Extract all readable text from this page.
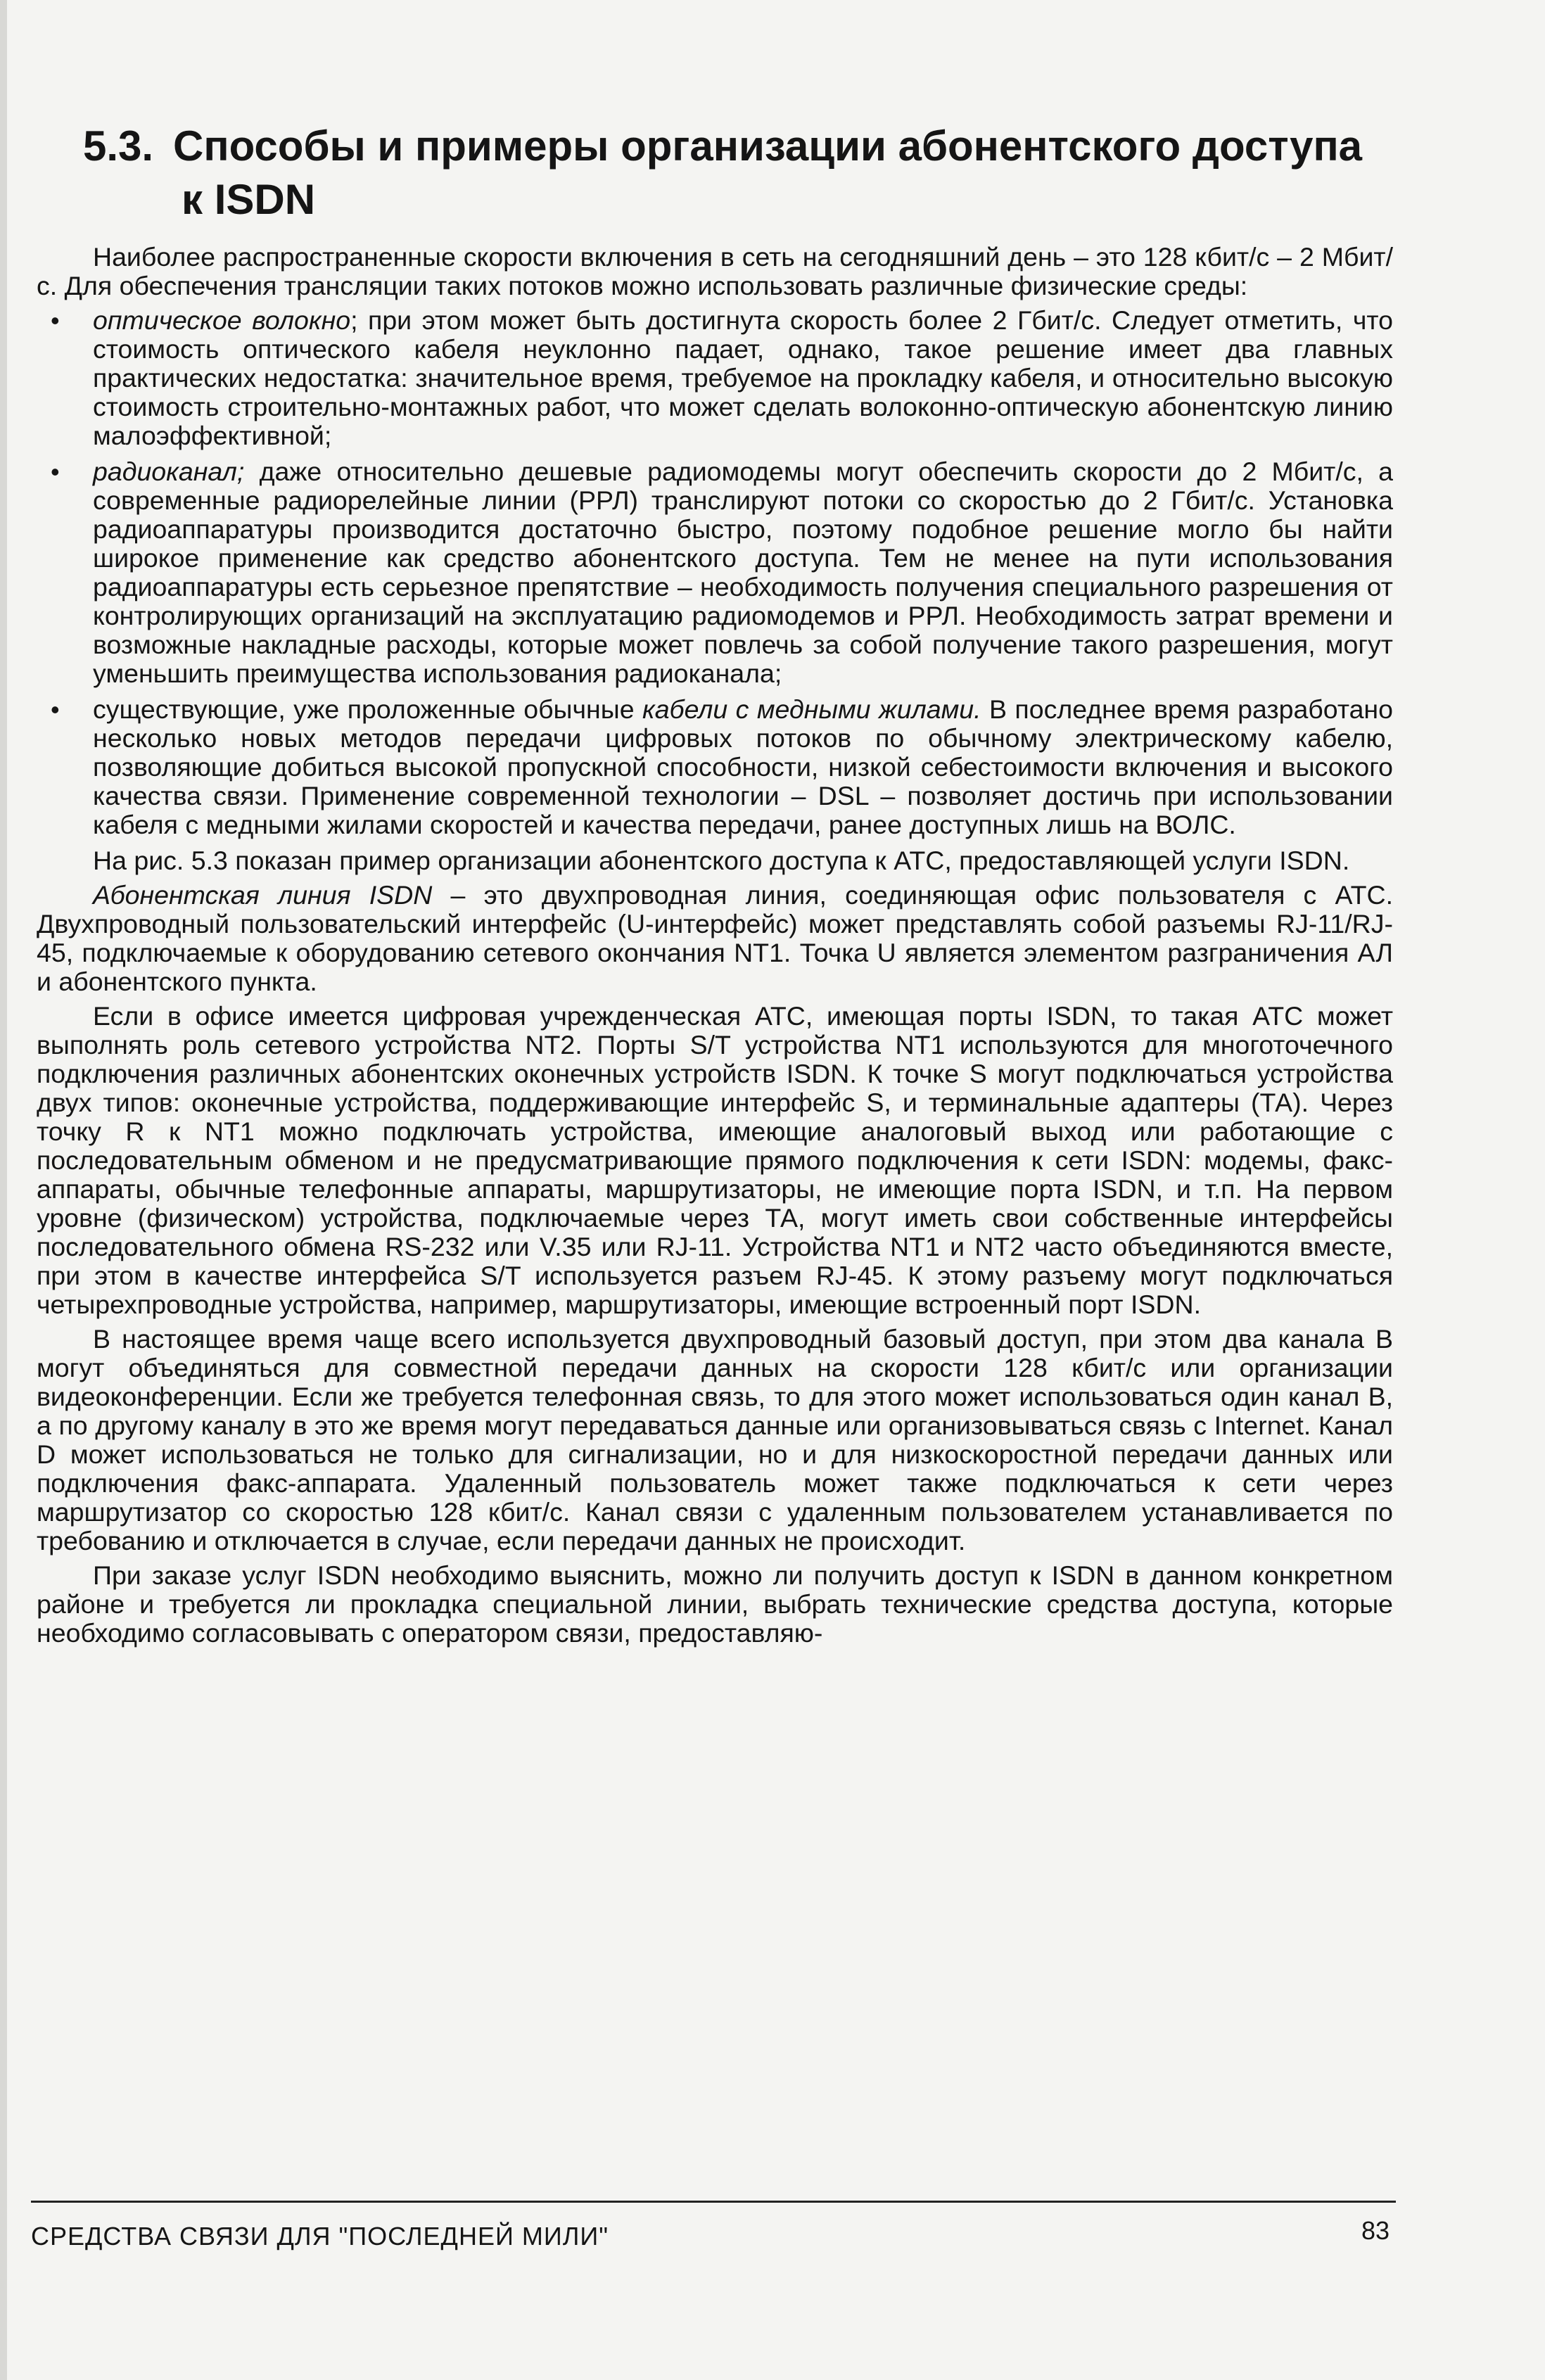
5.3. Способы и примеры организации абонентского доступа
к ISDN

Наиболее распространенные скорости включения в сеть на сегодняшний день – это 128 кбит/с – 2 Мбит/с. Для обеспечения трансляции таких потоков можно использовать различные физические среды:

• оптическое волокно; при этом может быть достигнута скорость более 2 Гбит/с. Следует отметить, что стоимость оптического кабеля неуклонно падает, однако, такое решение имеет два главных практических недостатка: значительное время, требуемое на прокладку кабеля, и относительно высокую стоимость строительно-монтажных работ, что может сделать волоконно-оптическую абонентскую линию малоэффективной;
• радиоканал; даже относительно дешевые радиомодемы могут обеспечить скорости до 2 Мбит/с, а современные радиорелейные линии (РРЛ) транслируют потоки со скоростью до 2 Гбит/с. Установка радиоаппаратуры производится достаточно быстро, поэтому подобное решение могло бы найти широкое применение как средство абонентского доступа. Тем не менее на пути использования радиоаппаратуры есть серьезное препятствие – необходимость получения специального разрешения от контролирующих организаций на эксплуатацию радиомодемов и РРЛ. Необходимость затрат времени и возможные накладные расходы, которые может повлечь за собой получение такого разрешения, могут уменьшить преимущества использования радиоканала;
• существующие, уже проложенные обычные кабели с медными жилами. В последнее время разработано несколько новых методов передачи цифровых потоков по обычному электрическому кабелю, позволяющие добиться высокой пропускной способности, низкой себестоимости включения и высокого качества связи. Применение современной технологии – DSL – позволяет достичь при использовании кабеля с медными жилами скоростей и качества передачи, ранее доступных лишь на ВОЛС.

На рис. 5.3 показан пример организации абонентского доступа к АТС, предоставляющей услуги ISDN.

Абонентская линия ISDN – это двухпроводная линия, соединяющая офис пользователя с АТС. Двухпроводный пользовательский интерфейс (U-интерфейс) может представлять собой разъемы RJ-11/RJ-45, подключаемые к оборудованию сетевого окончания NT1. Точка U является элементом разграничения АЛ и абонентского пункта.

Если в офисе имеется цифровая учрежденческая АТС, имеющая порты ISDN, то такая АТС может выполнять роль сетевого устройства NT2. Порты S/T устройства NT1 используются для многоточечного подключения различных абонентских оконечных устройств ISDN. К точке S могут подключаться устройства двух типов: оконечные устройства, поддерживающие интерфейс S, и терминальные адаптеры (ТА). Через точку R к NT1 можно подключать устройства, имеющие аналоговый выход или работающие с последовательным обменом и не предусматривающие прямого подключения к сети ISDN: модемы, факс-аппараты, обычные телефонные аппараты, маршрутизаторы, не имеющие порта ISDN, и т.п. На первом уровне (физическом) устройства, подключаемые через ТА, могут иметь свои собственные интерфейсы последовательного обмена RS-232 или V.35 или RJ-11. Устройства NT1 и NT2 часто объединяются вместе, при этом в качестве интерфейса S/T используется разъем RJ-45. К этому разъему могут подключаться четырехпроводные устройства, например, маршрутизаторы, имеющие встроенный порт ISDN.

В настоящее время чаще всего используется двухпроводный базовый доступ, при этом два канала В могут объединяться для совместной передачи данных на скорости 128 кбит/с или организации видеоконференции. Если же требуется телефонная связь, то для этого может использоваться один канал В, а по другому каналу в это же время могут передаваться данные или организовываться связь с Internet. Канал D может использоваться не только для сигнализации, но и для низкоскоростной передачи данных или подключения факс-аппарата. Удаленный пользователь может также подключаться к сети через маршрутизатор со скоростью 128 кбит/с. Канал связи с удаленным пользователем устанавливается по требованию и отключается в случае, если передачи данных не происходит.

При заказе услуг ISDN необходимо выяснить, можно ли получить доступ к ISDN в данном конкретном районе и требуется ли прокладка специальной линии, выбрать технические средства доступа, которые необходимо согласовывать с оператором связи, предоставляю-

СРЕДСТВА СВЯЗИ ДЛЯ "ПОСЛЕДНЕЙ МИЛИ"	83
